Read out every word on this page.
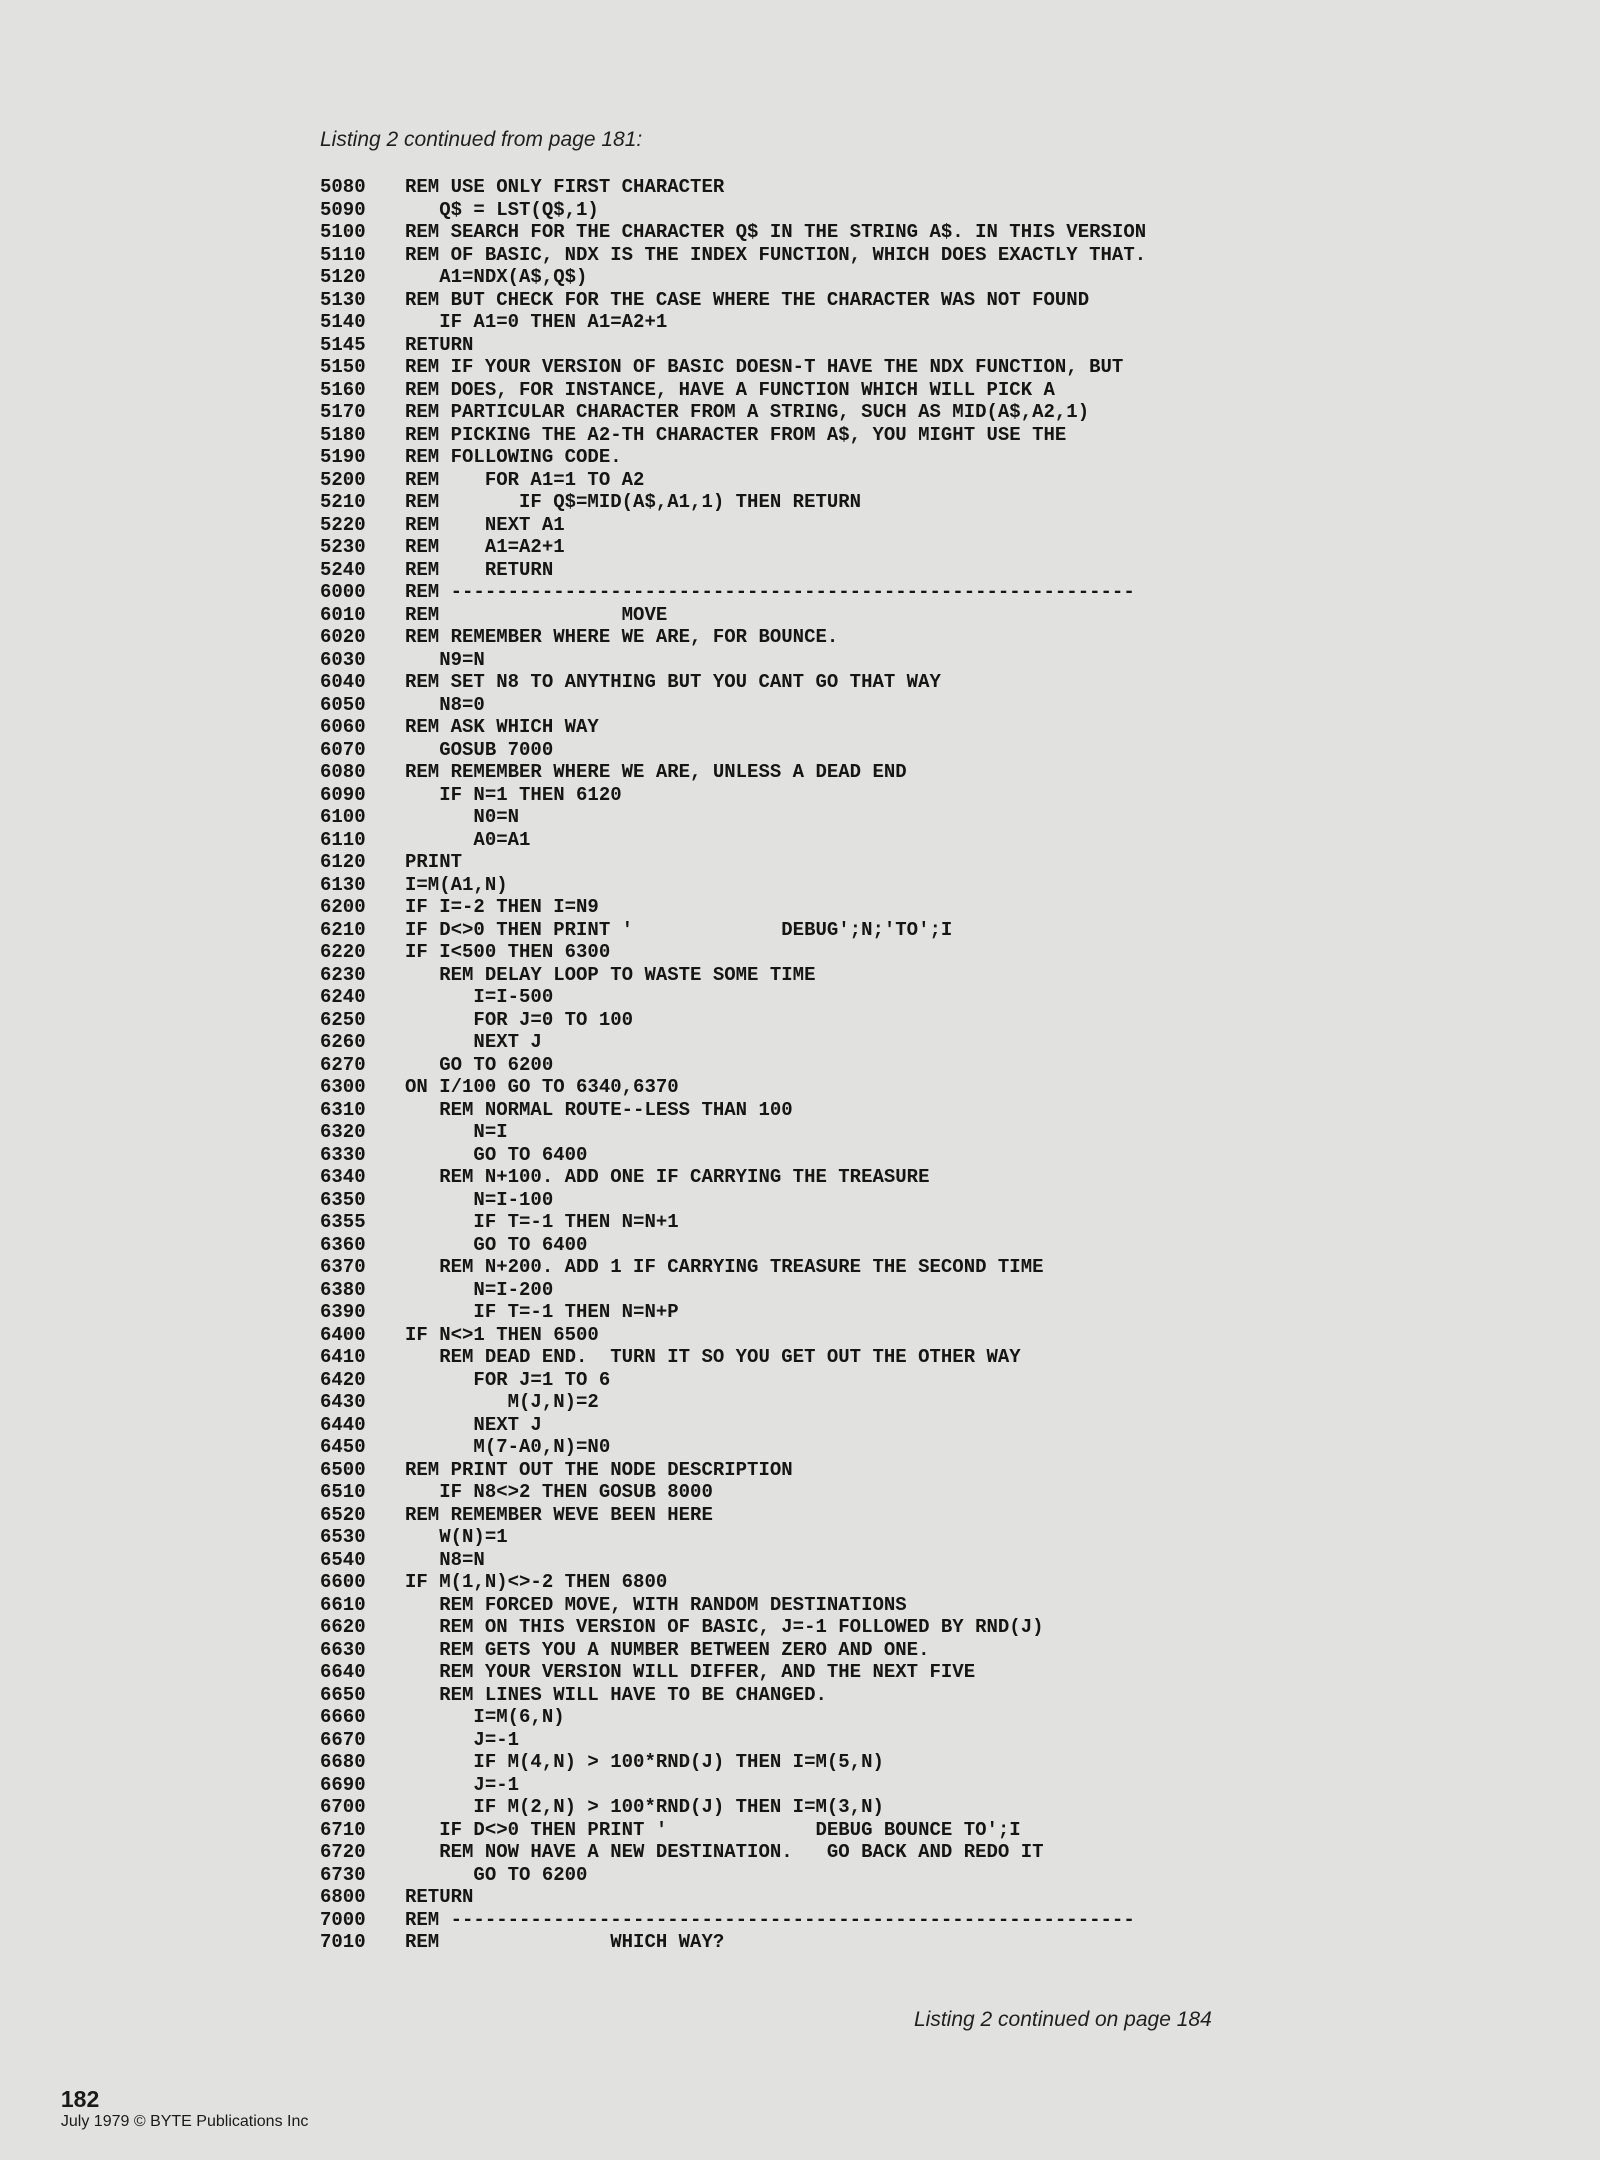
Listing 2 continued from page 181:
5080 REM USE ONLY FIRST CHARACTER
5090   Q$ = LST(Q$,1)
5100 REM SEARCH FOR THE CHARACTER Q$ IN THE STRING A$. IN THIS VERSION
5110 REM OF BASIC, NDX IS THE INDEX FUNCTION, WHICH DOES EXACTLY THAT.
5120   A1=NDX(A$,Q$)
5130 REM BUT CHECK FOR THE CASE WHERE THE CHARACTER WAS NOT FOUND
5140   IF A1=0 THEN A1=A2+1
5145 RETURN
5150 REM IF YOUR VERSION OF BASIC DOESN-T HAVE THE NDX FUNCTION, BUT
5160 REM DOES, FOR INSTANCE, HAVE A FUNCTION WHICH WILL PICK A
5170 REM PARTICULAR CHARACTER FROM A STRING, SUCH AS MID(A$,A2,1)
5180 REM PICKING THE A2-TH CHARACTER FROM A$, YOU MIGHT USE THE
5190 REM FOLLOWING CODE.
5200 REM    FOR A1=1 TO A2
5210 REM       IF Q$=MID(A$,A1,1) THEN RETURN
5220 REM    NEXT A1
5230 REM    A1=A2+1
5240 REM    RETURN
6000 REM ------------------------------------------------------------
6010 REM                MOVE
6020 REM REMEMBER WHERE WE ARE, FOR BOUNCE.
6030   N9=N
6040 REM SET N8 TO ANYTHING BUT YOU CANT GO THAT WAY
6050   N8=0
6060 REM ASK WHICH WAY
6070   GOSUB 7000
6080 REM REMEMBER WHERE WE ARE, UNLESS A DEAD END
6090   IF N=1 THEN 6120
6100      N0=N
6110      A0=A1
6120 PRINT
6130 I=M(A1,N)
6200 IF I=-2 THEN I=N9
6210 IF D<>0 THEN PRINT '             DEBUG';N;'TO';I
6220 IF I<500 THEN 6300
6230   REM DELAY LOOP TO WASTE SOME TIME
6240      I=I-500
6250      FOR J=0 TO 100
6260      NEXT J
6270   GO TO 6200
6300 ON I/100 GO TO 6340,6370
6310   REM NORMAL ROUTE--LESS THAN 100
6320      N=I
6330      GO TO 6400
6340   REM N+100. ADD ONE IF CARRYING THE TREASURE
6350      N=I-100
6355      IF T=-1 THEN N=N+1
6360      GO TO 6400
6370   REM N+200. ADD 1 IF CARRYING TREASURE THE SECOND TIME
6380      N=I-200
6390      IF T=-1 THEN N=N+P
6400 IF N<>1 THEN 6500
6410   REM DEAD END.  TURN IT SO YOU GET OUT THE OTHER WAY
6420      FOR J=1 TO 6
6430         M(J,N)=2
6440      NEXT J
6450      M(7-A0,N)=N0
6500 REM PRINT OUT THE NODE DESCRIPTION
6510   IF N8<>2 THEN GOSUB 8000
6520 REM REMEMBER WEVE BEEN HERE
6530   W(N)=1
6540   N8=N
6600 IF M(1,N)<>-2 THEN 6800
6610   REM FORCED MOVE, WITH RANDOM DESTINATIONS
6620   REM ON THIS VERSION OF BASIC, J=-1 FOLLOWED BY RND(J)
6630   REM GETS YOU A NUMBER BETWEEN ZERO AND ONE.
6640   REM YOUR VERSION WILL DIFFER, AND THE NEXT FIVE
6650   REM LINES WILL HAVE TO BE CHANGED.
6660      I=M(6,N)
6670      J=-1
6680      IF M(4,N) > 100*RND(J) THEN I=M(5,N)
6690      J=-1
6700      IF M(2,N) > 100*RND(J) THEN I=M(3,N)
6710   IF D<>0 THEN PRINT '             DEBUG BOUNCE TO';I
6720   REM NOW HAVE A NEW DESTINATION.   GO BACK AND REDO IT
6730      GO TO 6200
6800 RETURN
7000 REM ------------------------------------------------------------
7010 REM               WHICH WAY?
Listing 2 continued on page 184

182
July 1979 © BYTE Publications Inc
